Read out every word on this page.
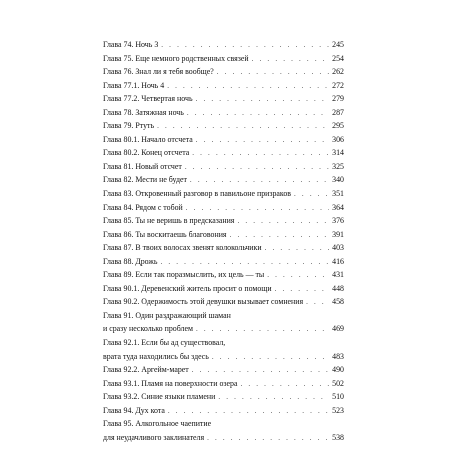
Глава 74. Ночь 3 . . .	245
Глава 75. Еще немного родственных связей . . .	254
Глава 76. Знал ли я тебя вообще? . . .	262
Глава 77.1. Ночь 4 . . .	272
Глава 77.2. Четвертая ночь . . .	279
Глава 78. Затяжная ночь . . .	287
Глава 79. Ртуть . . .	295
Глава 80.1. Начало отсчета . . .	306
Глава 80.2. Конец отсчета . . .	314
Глава 81. Новый отсчет . . .	325
Глава 82. Мести не будет . . .	340
Глава 83. Откровенный разговор в павильоне призраков . . .	351
Глава 84. Рядом с тобой . . .	364
Глава 85. Ты не веришь в предсказания . . .	376
Глава 86. Ты воскитаешь благовония . . .	391
Глава 87. В твоих волосах звенят колокольчики . . .	403
Глава 88. Дрожь . . .	416
Глава 89. Если так поразмыслить, их цель — ты . . .	431
Глава 90.1. Деревенский житель просит о помощи . . .	448
Глава 90.2. Одержимость этой девушки вызывает сомнения . . .	458
Глава 91. Один раздражающий шаман
и сразу несколько проблем . . .	469
Глава 92.1. Если бы ад существовал,
врата туда находились бы здесь . . .	483
Глава 92.2. Аргейм-марет . . .	490
Глава 93.1. Пламя на поверхности озера . . .	502
Глава 93.2. Синие языки пламени . . .	510
Глава 94. Дух кота . . .	523
Глава 95. Алкогольное чаепитие
для неудачливого заклинателя . . .	538
